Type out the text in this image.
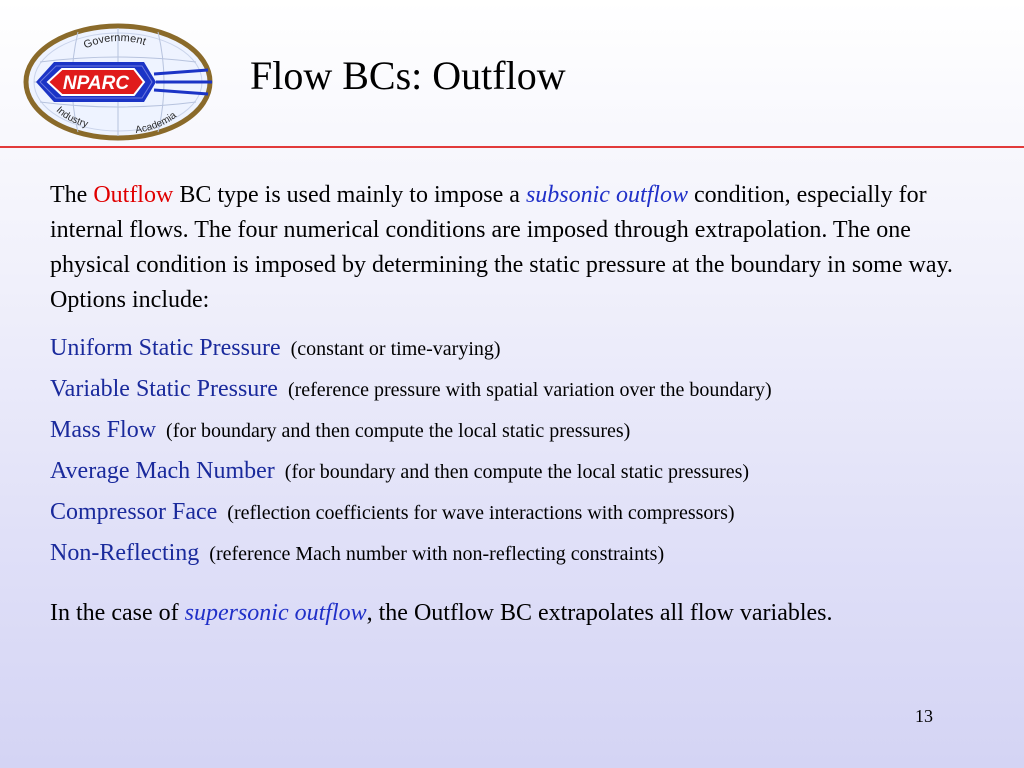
NPARC
Government
Industry	Academia
Flow BCs: Outflow
The Outflow BC type is used mainly to impose a subsonic outflow condition, especially for internal flows. The four numerical conditions are imposed through extrapolation. The one physical condition is imposed by determining the static pressure at the boundary in some way. Options include:
Uniform Static Pressure (constant or time-varying)
Variable Static Pressure (reference pressure with spatial variation over the boundary)
Mass Flow (for boundary and then compute the local static pressures)
Average Mach Number (for boundary and then compute the local static pressures)
Compressor Face (reflection coefficients for wave interactions with compressors)
Non-Reflecting (reference Mach number with non-reflecting constraints)
In the case of supersonic outflow, the Outflow BC extrapolates all flow variables.
13
